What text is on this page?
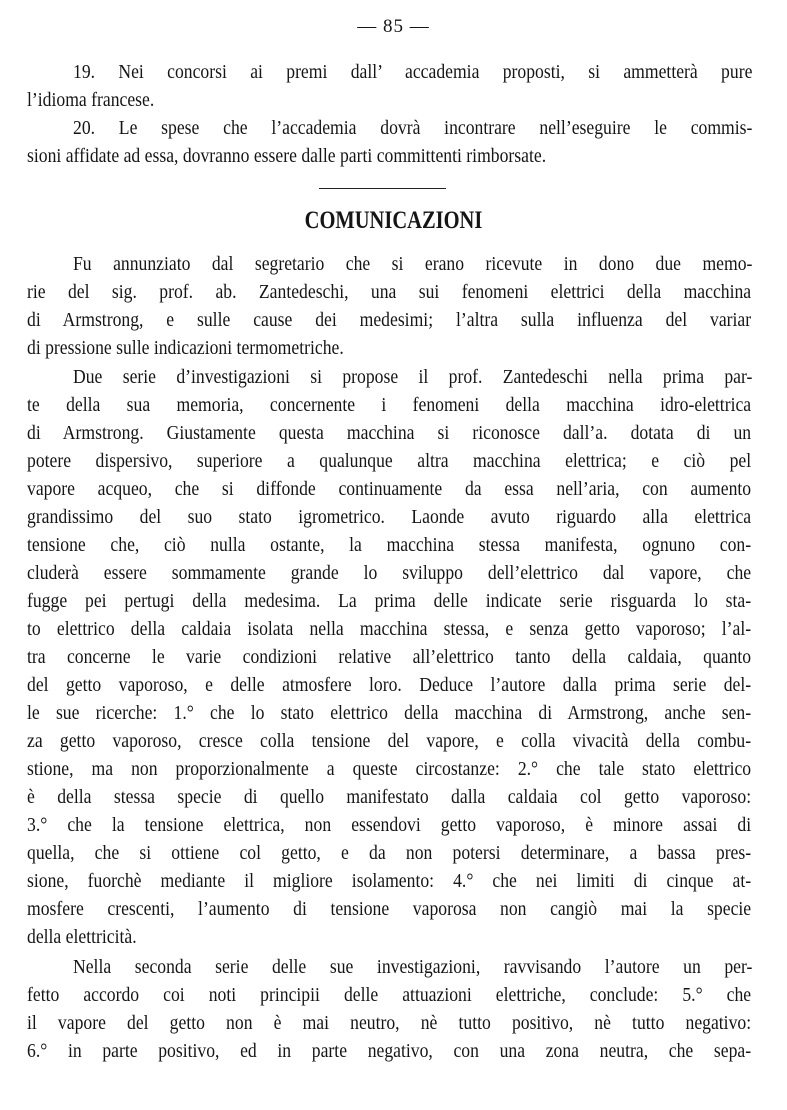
— 85 —
19. Nei concorsi ai premi dall’ accademia proposti, si ammetterà pure
l’idioma francese.
20. Le spese che l’accademia dovrà incontrare nell’eseguire le commis-
sioni affidate ad essa, dovranno essere dalle parti committenti rimborsate.
Fu annunziato dal segretario che si erano ricevute in dono due memo-
rie del sig. prof. ab. Zantedeschi, una sui fenomeni elettrici della macchina
di Armstrong, e sulle cause dei medesimi; l’altra sulla influenza del variar
di pressione sulle indicazioni termometriche.
Due serie d’investigazioni si propose il prof. Zantedeschi nella prima par-
te della sua memoria, concernente i fenomeni della macchina idro-elettrica
di Armstrong. Giustamente questa macchina si riconosce dall’a. dotata di un
potere dispersivo, superiore a qualunque altra macchina elettrica; e ciò pel
vapore acqueo, che si diffonde continuamente da essa nell’aria, con aumento
grandissimo del suo stato igrometrico. Laonde avuto riguardo alla elettrica
tensione che, ciò nulla ostante, la macchina stessa manifesta, ognuno con-
cluderà essere sommamente grande lo sviluppo dell’elettrico dal vapore, che
fugge pei pertugi della medesima. La prima delle indicate serie risguarda lo sta-
to elettrico della caldaia isolata nella macchina stessa, e senza getto vaporoso; l’al-
tra concerne le varie condizioni relative all’elettrico tanto della caldaia, quanto
del getto vaporoso, e delle atmosfere loro. Deduce l’autore dalla prima serie del-
le sue ricerche: 1.° che lo stato elettrico della macchina di Armstrong, anche sen-
za getto vaporoso, cresce colla tensione del vapore, e colla vivacità della combu-
stione, ma non proporzionalmente a queste circostanze: 2.° che tale stato elettrico
è della stessa specie di quello manifestato dalla caldaia col getto vaporoso:
3.° che la tensione elettrica, non essendovi getto vaporoso, è minore assai di
quella, che si ottiene col getto, e da non potersi determinare, a bassa pres-
sione, fuorchè mediante il migliore isolamento: 4.° che nei limiti di cinque at-
mosfere crescenti, l’aumento di tensione vaporosa non cangiò mai la specie
della elettricità.
Nella seconda serie delle sue investigazioni, ravvisando l’autore un per-
fetto accordo coi noti principii delle attuazioni elettriche, conclude: 5.° che
il vapore del getto non è mai neutro, nè tutto positivo, nè tutto negativo:
6.° in parte positivo, ed in parte negativo, con una zona neutra, che sepa-
COMUNICAZIONI
